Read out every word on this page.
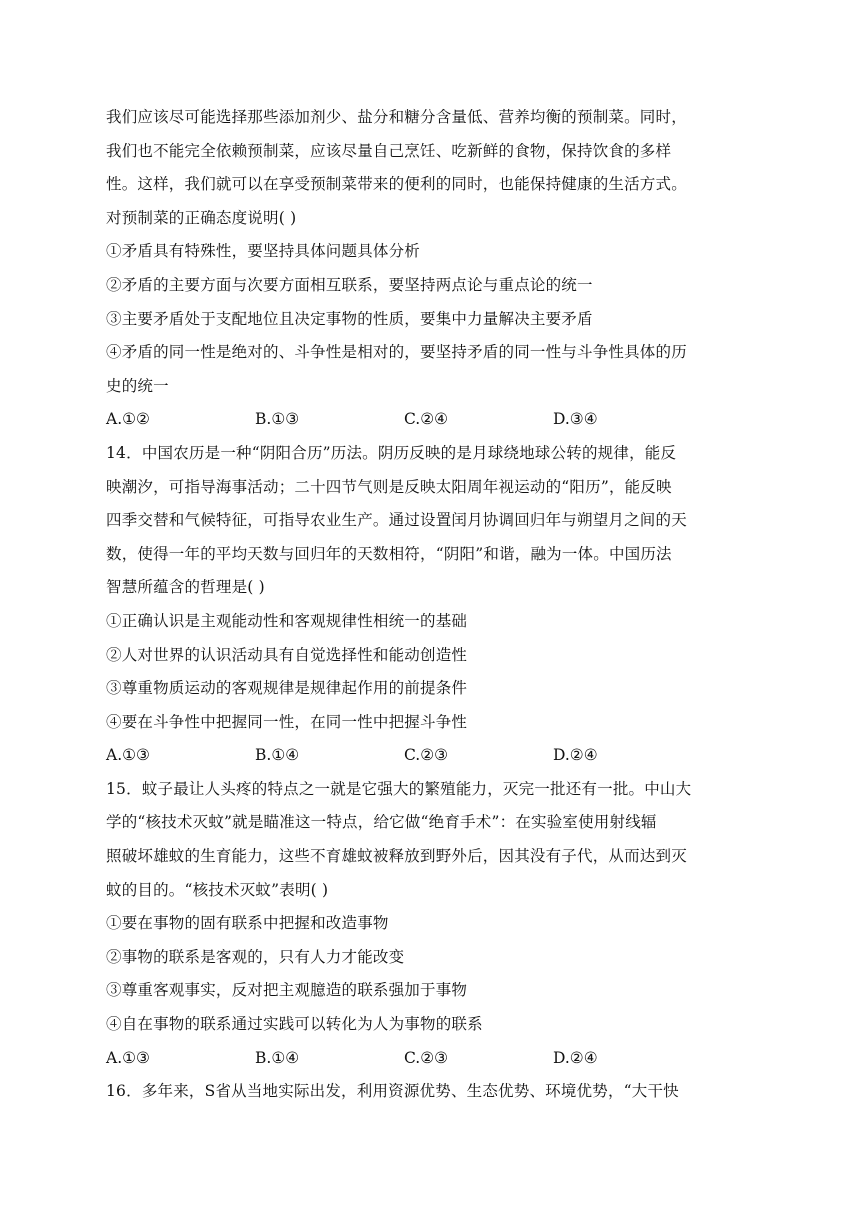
我们应该尽可能选择那些添加剂少、盐分和糖分含量低、营养均衡的预制菜。同时，
我们也不能完全依赖预制菜，应该尽量自己烹饪、吃新鲜的食物，保持饮食的多样
性。这样，我们就可以在享受预制菜带来的便利的同时，也能保持健康的生活方式。
对预制菜的正确态度说明( )
①矛盾具有特殊性，要坚持具体问题具体分析
②矛盾的主要方面与次要方面相互联系，要坚持两点论与重点论的统一
③主要矛盾处于支配地位且决定事物的性质，要集中力量解决主要矛盾
④矛盾的同一性是绝对的、斗争性是相对的，要坚持矛盾的同一性与斗争性具体的历
史的统一
A.①②	B.①③	C.②④	D.③④
14．中国农历是一种“阴阳合历”历法。阴历反映的是月球绕地球公转的规律，能反
映潮汐，可指导海事活动；二十四节气则是反映太阳周年视运动的“阳历”，能反映
四季交替和气候特征，可指导农业生产。通过设置闰月协调回归年与朔望月之间的天
数，使得一年的平均天数与回归年的天数相符，“阴阳”和谐，融为一体。中国历法
智慧所蕴含的哲理是( )
①正确认识是主观能动性和客观规律性相统一的基础
②人对世界的认识活动具有自觉选择性和能动创造性
③尊重物质运动的客观规律是规律起作用的前提条件
④要在斗争性中把握同一性，在同一性中把握斗争性
A.①③	B.①④	C.②③	D.②④
15．蚊子最让人头疼的特点之一就是它强大的繁殖能力，灭完一批还有一批。中山大
学的“核技术灭蚊”就是瞄准这一特点，给它做“绝育手术”：在实验室使用射线辐
照破坏雄蚊的生育能力，这些不育雄蚊被释放到野外后，因其没有子代，从而达到灭
蚊的目的。“核技术灭蚊”表明( )
①要在事物的固有联系中把握和改造事物
②事物的联系是客观的，只有人力才能改变
③尊重客观事实，反对把主观臆造的联系强加于事物
④自在事物的联系通过实践可以转化为人为事物的联系
A.①③	B.①④	C.②③	D.②④
16．多年来，S省从当地实际出发，利用资源优势、生态优势、环境优势，“大干快
